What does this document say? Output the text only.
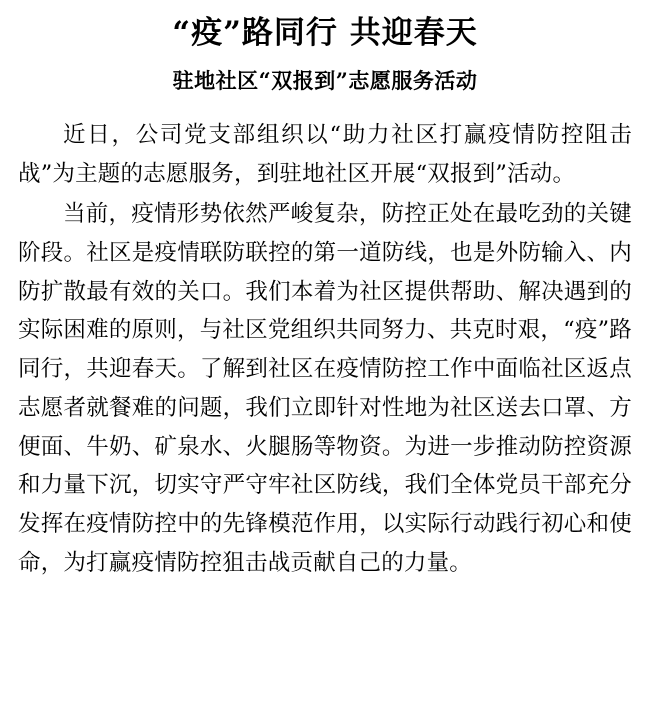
“疫”路同行 共迎春天
驻地社区“双报到”志愿服务活动

近日，公司党支部组织以“助力社区打赢疫情防控阻击战”为主题的志愿服务，到驻地社区开展“双报到”活动。

当前，疫情形势依然严峻复杂，防控正处在最吃劲的关键阶段。社区是疫情联防联控的第一道防线，也是外防输入、内防扩散最有效的关口。我们本着为社区提供帮助、解决遇到的实际困难的原则，与社区党组织共同努力、共克时艰，“疫”路同行，共迎春天。了解到社区在疫情防控工作中面临社区返点志愿者就餐难的问题，我们立即针对性地为社区送去口罩、方便面、牛奶、矿泉水、火腿肠等物资。为进一步推动防控资源和力量下沉，切实守严守牢社区防线，我们全体党员干部充分发挥在疫情防控中的先锋模范作用，以实际行动践行初心和使命，为打赢疫情防控狙击战贡献自己的力量。
